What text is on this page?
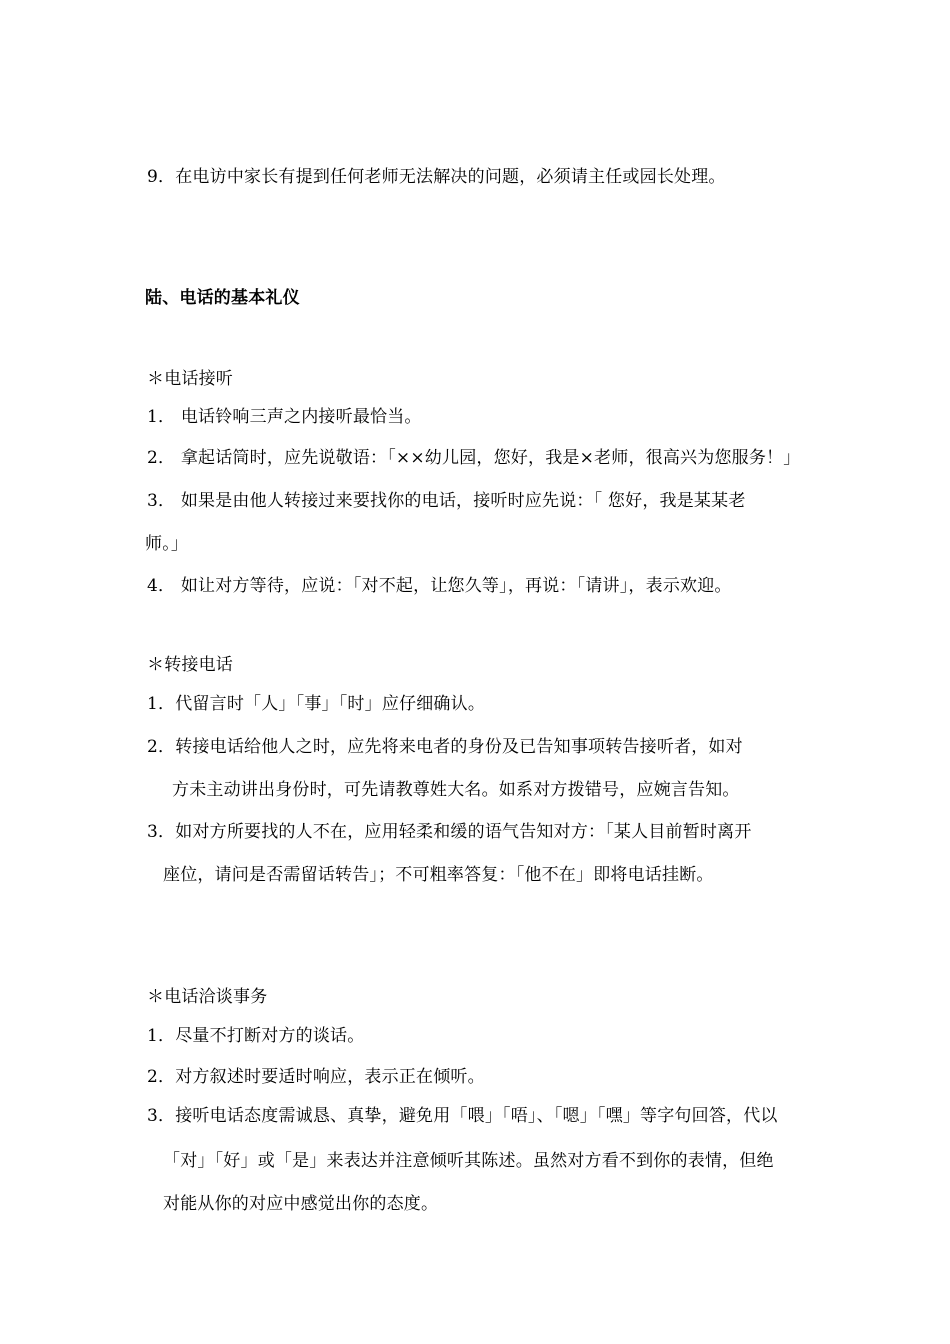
9．在电访中家长有提到任何老师无法解决的问题，必须请主任或园长处理。
陆、电话的基本礼仪
＊电话接听
1． 电话铃响三声之内接听最恰当。
2． 拿起话筒时，应先说敬语：「××幼儿园，您好，我是×老师，很高兴为您服务！」
3． 如果是由他人转接过来要找你的电话，接听时应先说：「 您好，我是某某老
师。」
4． 如让对方等待，应说：「对不起，让您久等」，再说：「请讲」，表示欢迎。
＊转接电话
1．代留言时「人」「事」「时」应仔细确认。
2．转接电话给他人之时，应先将来电者的身份及已告知事项转告接听者，如对
方未主动讲出身份时，可先请教尊姓大名。如系对方拨错号，应婉言告知。
3．如对方所要找的人不在，应用轻柔和缓的语气告知对方：「某人目前暂时离开
座位，请问是否需留话转告」；不可粗率答复：「他不在」即将电话挂断。
＊电话洽谈事务
1．尽量不打断对方的谈话。
2．对方叙述时要适时响应，表示正在倾听。
3．接听电话态度需诚恳、真挚，避免用「喂」「唔」、「嗯」「嘿」等字句回答，代以
「对」「好」或「是」来表达并注意倾听其陈述。虽然对方看不到你的表情，但绝
对能从你的对应中感觉出你的态度。
